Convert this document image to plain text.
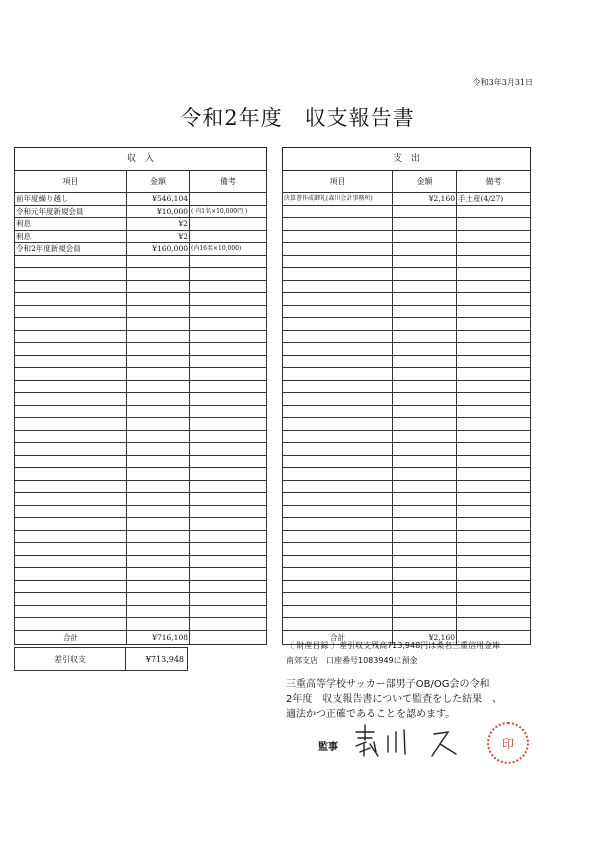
令和3年3月31日
令和2年度 収支報告書
収　入		
項目	金額	備考
前年度繰り越し	¥546,104	
令和元年度新規会員	¥10,000	( 内1名×10,000円 )
利息	¥2	
利息	¥2	
令和2年度新規会員	¥160,000	(内16名×10,000)

合計	¥716,108	
支　出		
項目	金額	備考
決算書作成御礼(森川会計事務所)	¥2,160	手土産(4/27)

合計	¥2,160	
差引収支	¥713,948
〔 財産目録 〕差引収支残高713,948円は桑名三重信用金庫
南郊支店　口座番号1083949に預金
三重高等学校サッカー部男子OB/OG会の令和
2年度　収支報告書について監査をした結果　、
適法かつ正確であることを認めます。
監事	印
